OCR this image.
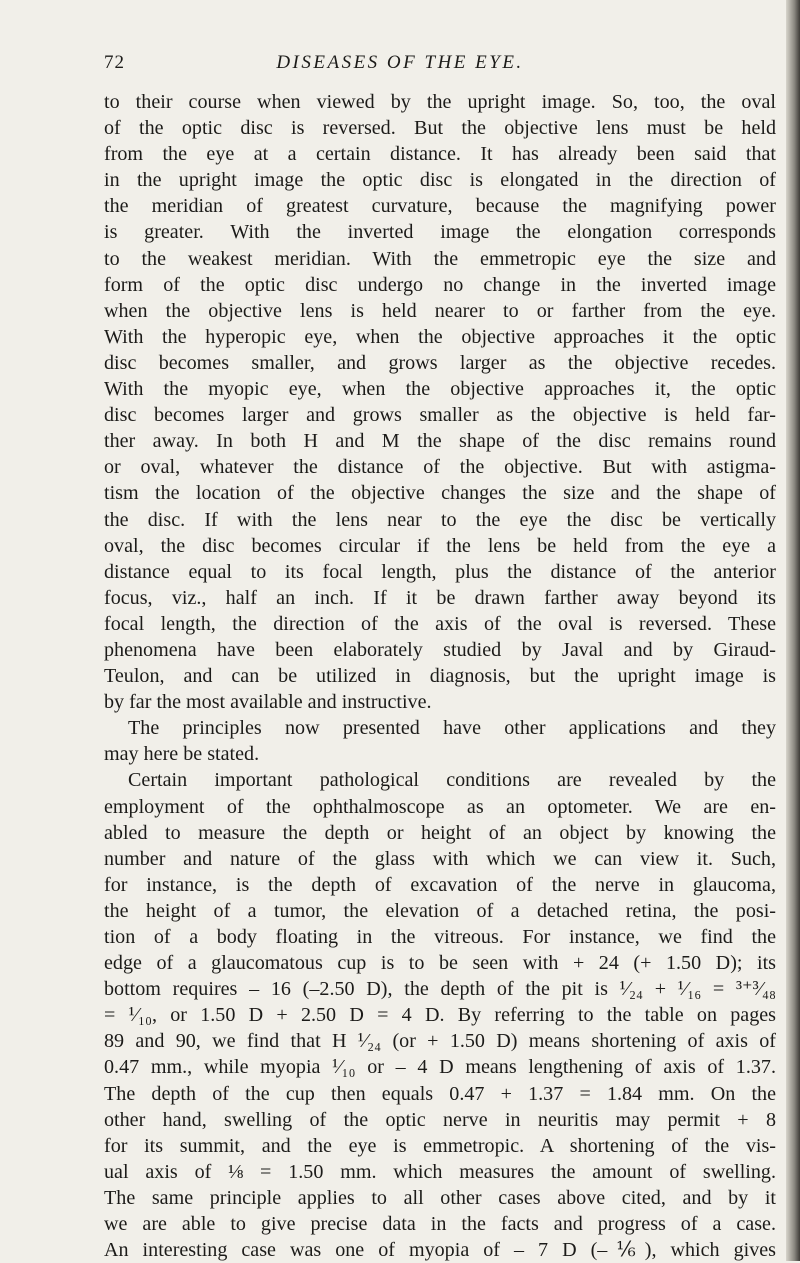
72	DISEASES OF THE EYE.
to their course when viewed by the upright image. So, too, the oval
of the optic disc is reversed. But the objective lens must be held
from the eye at a certain distance. It has already been said that
in the upright image the optic disc is elongated in the direction of
the meridian of greatest curvature, because the magnifying power
is greater. With the inverted image the elongation corresponds
to the weakest meridian. With the emmetropic eye the size and
form of the optic disc undergo no change in the inverted image
when the objective lens is held nearer to or farther from the eye.
With the hyperopic eye, when the objective approaches it the optic
disc becomes smaller, and grows larger as the objective recedes.
With the myopic eye, when the objective approaches it, the optic
disc becomes larger and grows smaller as the objective is held far-
ther away. In both H and M the shape of the disc remains round
or oval, whatever the distance of the objective. But with astigma-
tism the location of the objective changes the size and the shape of
the disc. If with the lens near to the eye the disc be vertically
oval, the disc becomes circular if the lens be held from the eye a
distance equal to its focal length, plus the distance of the anterior
focus, viz., half an inch. If it be drawn farther away beyond its
focal length, the direction of the axis of the oval is reversed. These
phenomena have been elaborately studied by Javal and by Giraud-
Teulon, and can be utilized in diagnosis, but the upright image is
by far the most available and instructive.
The principles now presented have other applications and they
may here be stated.
Certain important pathological conditions are revealed by the
employment of the ophthalmoscope as an optometer. We are en-
abled to measure the depth or height of an object by knowing the
number and nature of the glass with which we can view it. Such,
for instance, is the depth of excavation of the nerve in glaucoma,
the height of a tumor, the elevation of a detached retina, the posi-
tion of a body floating in the vitreous. For instance, we find the
edge of a glaucomatous cup is to be seen with + 24 (+ 1.50 D); its
bottom requires – 16 (–2.50 D), the depth of the pit is ¹⁄₂₄ + ¹⁄₁₆ = ³⁺³⁄₄₈
= ¹⁄₁₀, or 1.50 D + 2.50 D = 4 D. By referring to the table on pages
89 and 90, we find that H ¹⁄₂₄ (or + 1.50 D) means shortening of axis of
0.47 mm., while myopia ¹⁄₁₀ or – 4 D means lengthening of axis of 1.37.
The depth of the cup then equals 0.47 + 1.37 = 1.84 mm. On the
other hand, swelling of the optic nerve in neuritis may permit + 8
for its summit, and the eye is emmetropic. A shortening of the vis-
ual axis of ⅛ = 1.50 mm. which measures the amount of swelling.
The same principle applies to all other cases above cited, and by it
we are able to give precise data in the facts and progress of a case.
An interesting case was one of myopia of – 7 D (–⅙), which gives
